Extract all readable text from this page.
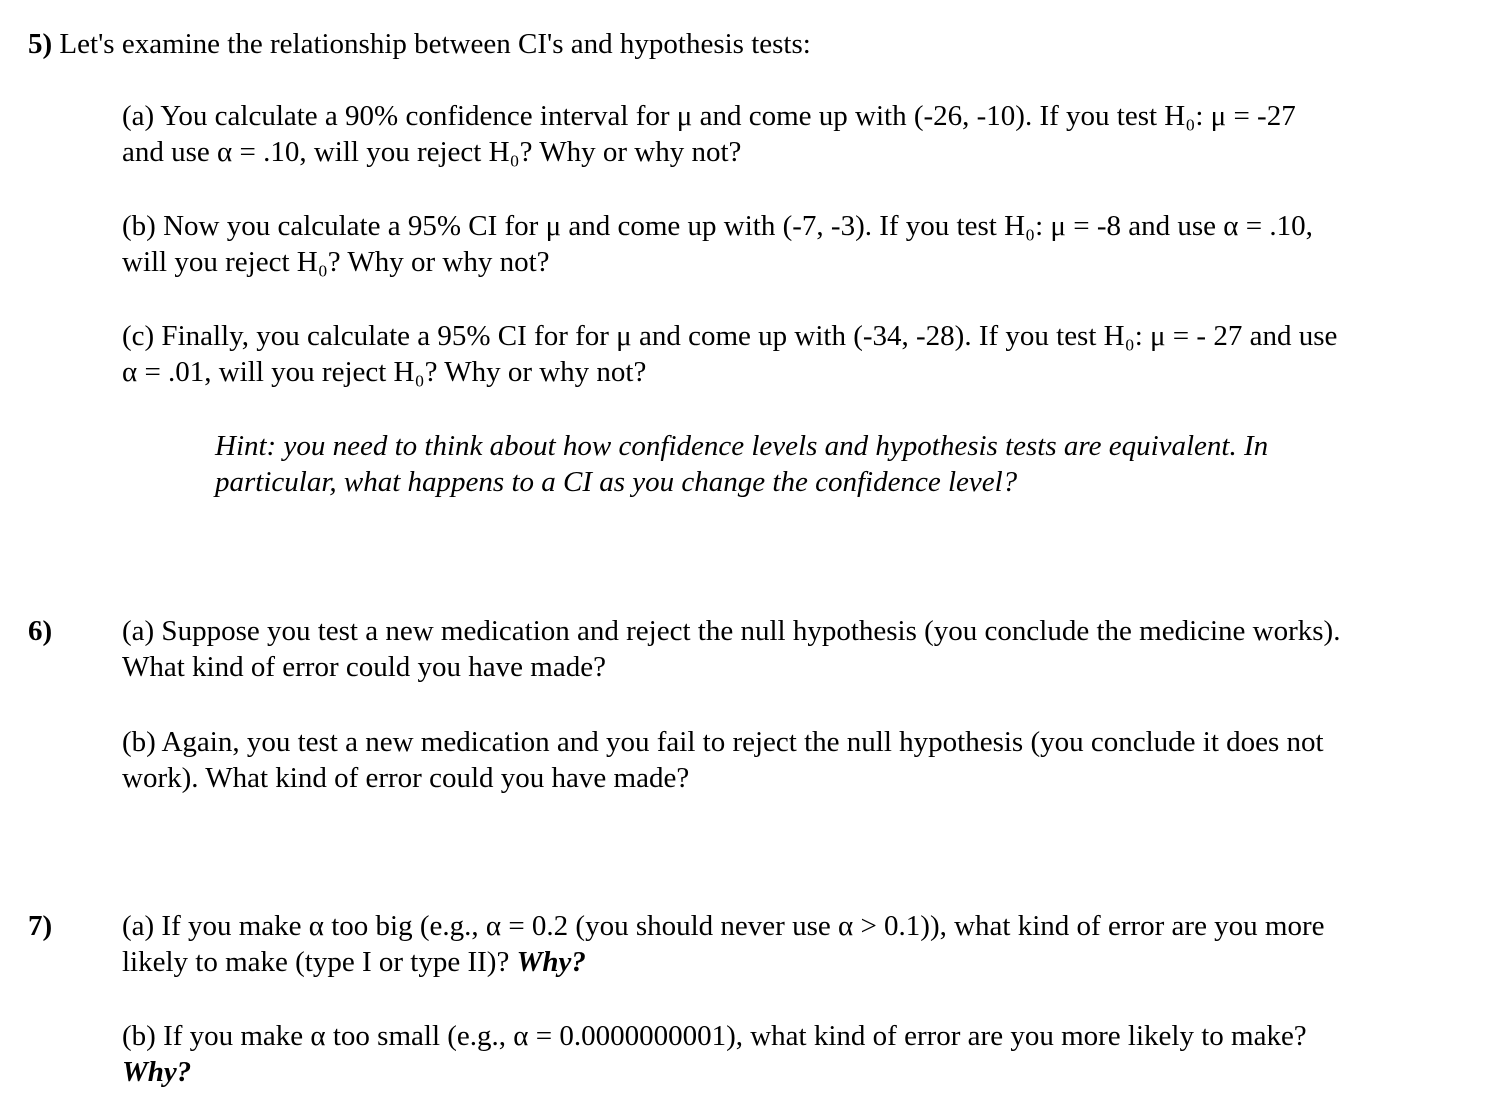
5) Let's examine the relationship between CI's and hypothesis tests:
(a) You calculate a 90% confidence interval for μ and come up with (-26, -10). If you test H₀: μ = -27
and use α = .10, will you reject H₀? Why or why not?
(b) Now you calculate a 95% CI for μ and come up with (-7, -3). If you test H₀: μ = -8 and use α = .10,
will you reject H₀? Why or why not?
(c) Finally, you calculate a 95% CI for for μ and come up with (-34, -28). If you test H₀: μ = - 27 and use
α = .01, will you reject H₀? Why or why not?
Hint: you need to think about how confidence levels and hypothesis tests are equivalent. In
particular, what happens to a CI as you change the confidence level?
6) (a) Suppose you test a new medication and reject the null hypothesis (you conclude the medicine works).
What kind of error could you have made?
(b) Again, you test a new medication and you fail to reject the null hypothesis (you conclude it does not
work). What kind of error could you have made?
7) (a) If you make α too big (e.g., α = 0.2 (you should never use α > 0.1)), what kind of error are you more
likely to make (type I or type II)? Why?
(b) If you make α too small (e.g., α = 0.0000000001), what kind of error are you more likely to make?
Why?
